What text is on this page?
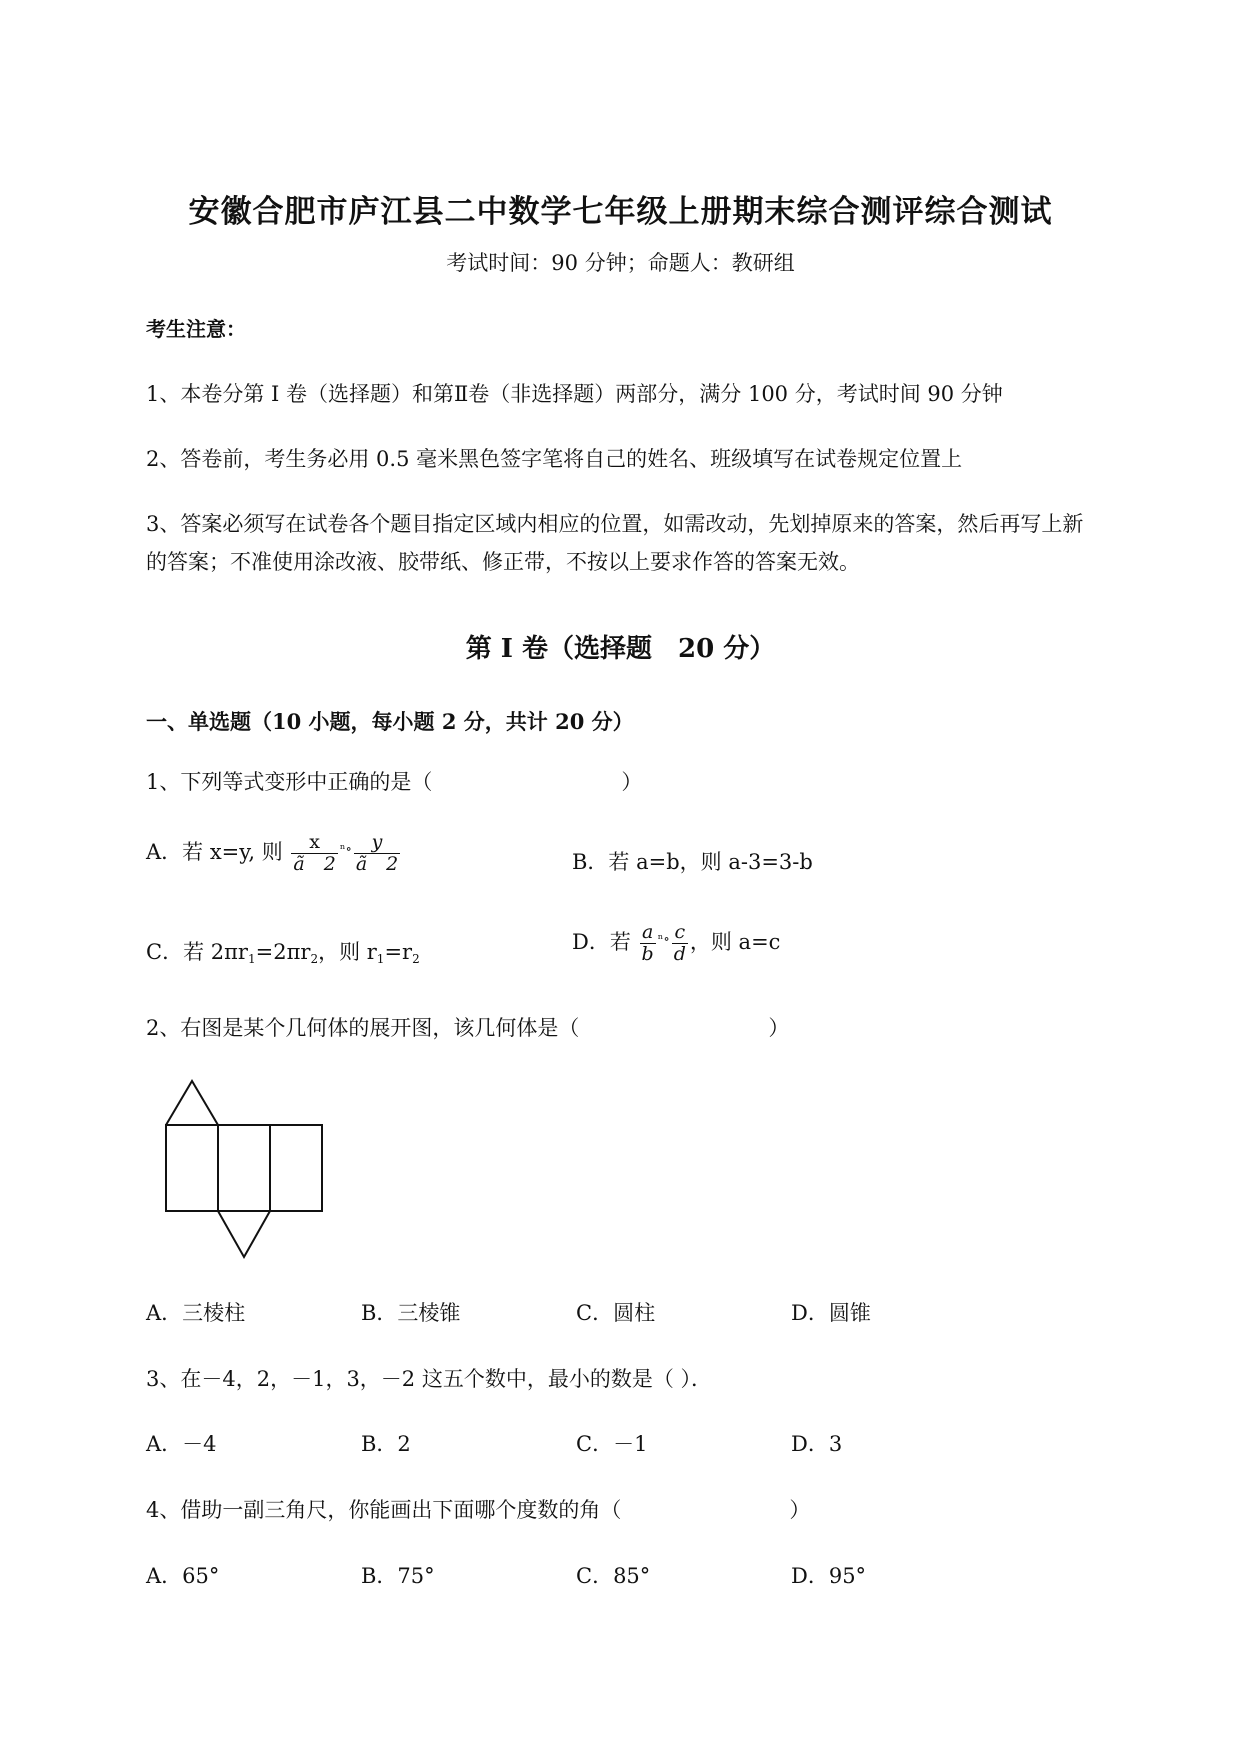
安徽合肥市庐江县二中数学七年级上册期末综合测评综合测试
考试时间：90 分钟；命题人：教研组
考生注意：
1、本卷分第 I 卷（选择题）和第Ⅱ卷（非选择题）两部分，满分 100 分，考试时间 90 分钟
2、答卷前，考生务必用 0.5 毫米黑色签字笔将自己的姓名、班级填写在试卷规定位置上
3、答案必须写在试卷各个题目指定区域内相应的位置，如需改动，先划掉原来的答案，然后再写上新
的答案；不准使用涂改液、胶带纸、修正带，不按以上要求作答的答案无效。
第 I 卷（选择题　20 分）
一、单选题（10 小题，每小题 2 分，共计 20 分）
1、下列等式变形中正确的是（　　　　　　　　　）
A．若 x=y, 则 $\frac{x}{ã 2} ^{^n\circ} \frac{y}{ã 2}$	B．若 a=b，则 a-3=3-b
C．若 $2\pi r_1=2\pi r_2$，则 $r_1=r_2$
D．若 $\frac{a}{b} ^{^n\circ} \frac{c}{d}$ ，则 a=c
2、右图是某个几何体的展开图，该几何体是（　　　　　　　　　）
A．三棱柱	B．三棱锥	C．圆柱	D．圆锥
3、在－4，2，－1，3，－2 这五个数中，最小的数是（ ）．
A．－4	B．2	C．－1	D．3
4、借助一副三角尺，你能画出下面哪个度数的角（　　　　　　　　）
A．65°	B．75°	C．85°	D．95°
